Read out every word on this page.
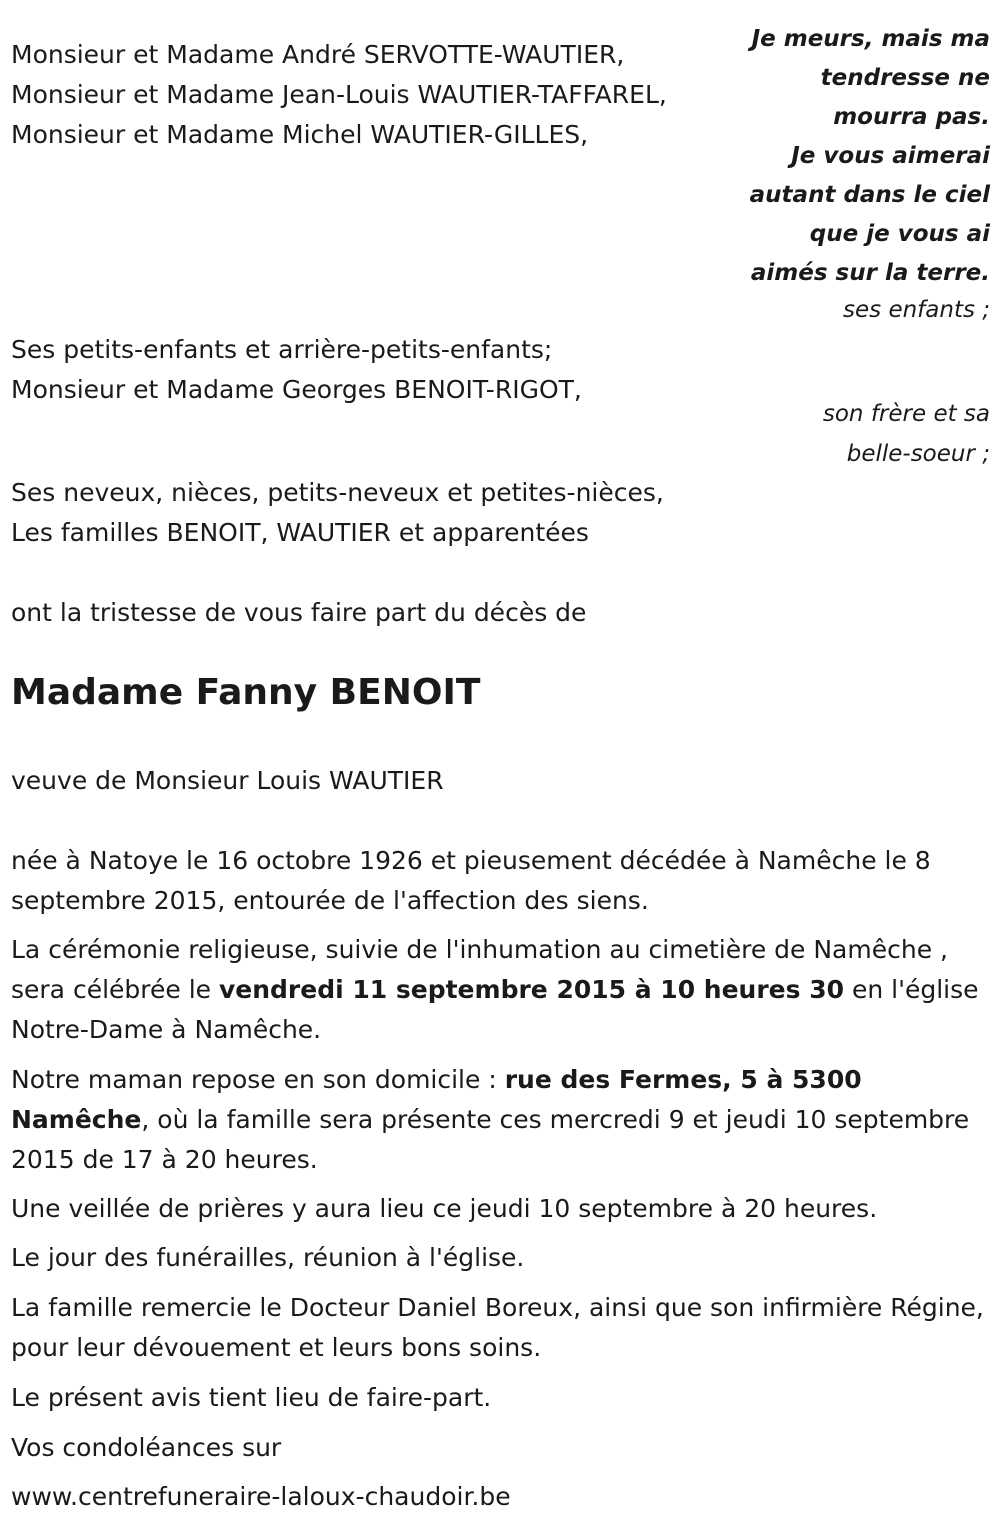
Monsieur et Madame André SERVOTTE-WAUTIER,
Monsieur et Madame Jean-Louis WAUTIER-TAFFAREL,
Monsieur et Madame Michel WAUTIER-GILLES,
Je meurs, mais ma
tendresse ne
mourra pas.
Je vous aimerai
autant dans le ciel
que je vous ai
aimés sur la terre.
ses enfants ;
Ses petits-enfants et arrière-petits-enfants;
Monsieur et Madame Georges BENOIT-RIGOT,
son frère et sa
belle-soeur ;
Ses neveux, nièces, petits-neveux et petites-nièces,
Les familles BENOIT, WAUTIER et apparentées
ont la tristesse de vous faire part du décès de
Madame Fanny BENOIT
veuve de Monsieur Louis WAUTIER

née à Natoye le 16 octobre 1926 et pieusement décédée à Namêche le 8 septembre 2015, entourée de l'affection des siens.

La cérémonie religieuse, suivie de l'inhumation au cimetière de Namêche , sera célébrée le vendredi 11 septembre 2015 à 10 heures 30 en l'église Notre-Dame à Namêche.

Notre maman repose en son domicile : rue des Fermes, 5 à 5300 Namêche, où la famille sera présente ces mercredi 9 et jeudi 10 septembre 2015 de 17 à 20 heures.

Une veillée de prières y aura lieu ce jeudi 10 septembre à 20 heures.

Le jour des funérailles, réunion à l'église.

La famille remercie le Docteur Daniel Boreux, ainsi que son infirmière Régine, pour leur dévouement et leurs bons soins.

Le présent avis tient lieu de faire-part.

Vos condoléances sur

www.centrefuneraire-laloux-chaudoir.be
